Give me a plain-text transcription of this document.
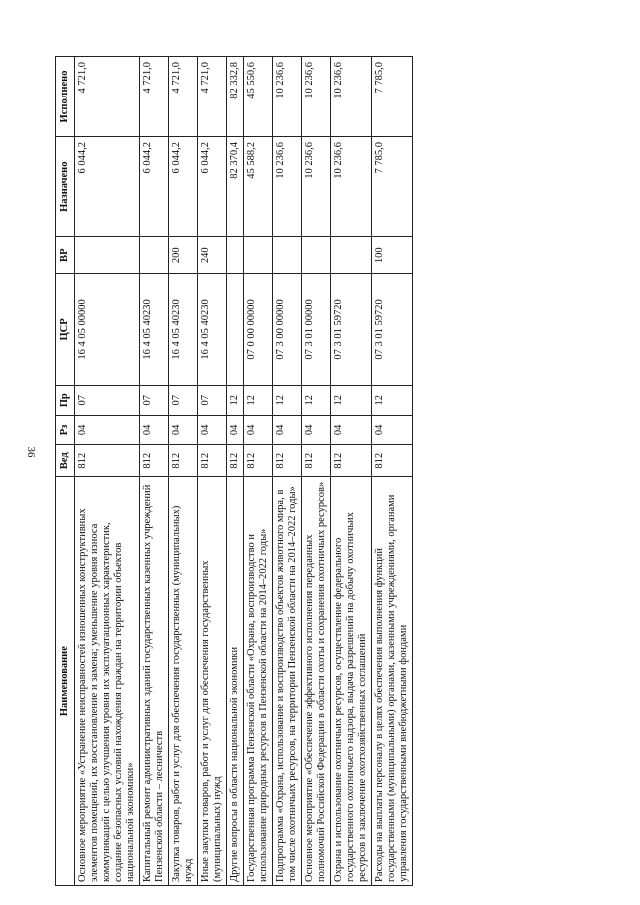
36
Наименование	Вед	Рз	Пр	ЦСР	ВР	Назначено	Исполнено
Основное мероприятие «Устранение неисправностей изношенных конструктивных элементов помещений, их восстановление и замена; уменьшение уровня износа коммуникаций с целью улучшения уровня их эксплуатационных характеристик, создание безопасных условий нахождения граждан на территории объектов национальной экономики»	812	04	07	16 4 05 00000		6 044,2	4 721,0
Капитальный ремонт административных зданий государственных казенных учреждений Пензенской области – лесничеств	812	04	07	16 4 05 40230		6 044,2	4 721,0
Закупка товаров, работ и услуг для обеспечения государственных (муниципальных) нужд	812	04	07	16 4 05 40230	200	6 044,2	4 721,0
Иные закупки товаров, работ и услуг для обеспечения государственных (муниципальных) нужд	812	04	07	16 4 05 40230	240	6 044,2	4 721,0
Другие вопросы в области национальной экономики	812	04	12			82 370,4	82 332,8
Государственная программа Пензенской области «Охрана, воспроизводство и использование природных ресурсов в Пензенской области на 2014–2022 годы»	812	04	12	07 0 00 00000		45 588,2	45 550,6
Подпрограмма «Охрана, использование и воспроизводство объектов животного мира, в том числе охотничьих ресурсов, на территории Пензенской области на 2014–2022 годы»	812	04	12	07 3 00 00000		10 236,6	10 236,6
Основное мероприятие «Обеспечение эффективного исполнения переданных полномочий Российской Федерации в области охоты и сохранения охотничьих ресурсов»	812	04	12	07 3 01 00000		10 236,6	10 236,6
Охрана и использование охотничьих ресурсов, осуществление федерального государственного охотничьего надзора, выдача разрешений на добычу охотничьих ресурсов и заключение охотхозяйственных соглашений	812	04	12	07 3 01 59720		10 236,6	10 236,6
Расходы на выплаты персоналу в целях обеспечения выполнения функций государственными (муниципальными) органами, казенными учреждениями, органами управления государственными внебюджетными фондами	812	04	12	07 3 01 59720	100	7 785,0	7 785,0
